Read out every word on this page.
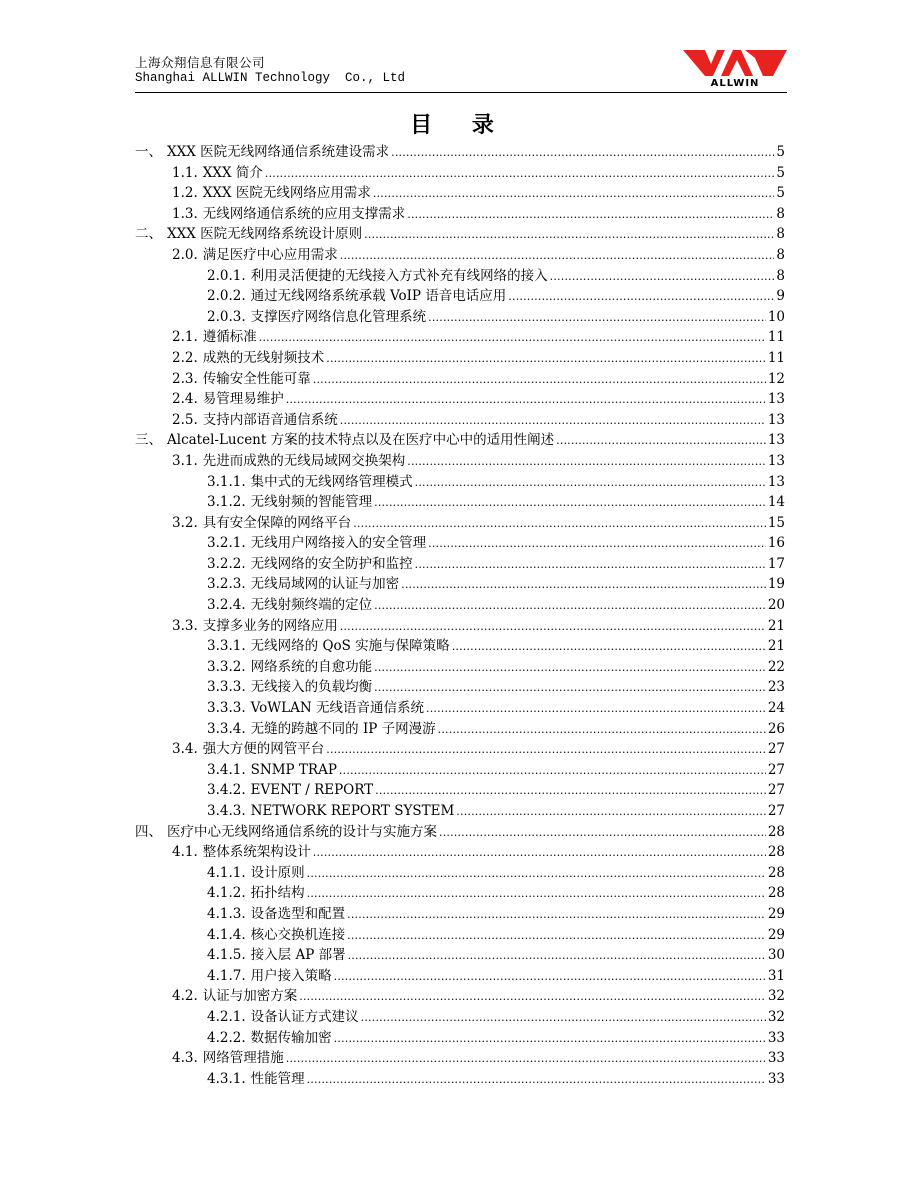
上海众翔信息有限公司
Shanghai ALLWIN Technology  Co., Ltd	ALLWIN
目 录
一、 XXX 医院无线网络通信系统建设需求 .....	5
1.1. XXX 简介 .....	5
1.2. XXX 医院无线网络应用需求 .....	5
1.3. 无线网络通信系统的应用支撑需求 .....	8
二、 XXX 医院无线网络系统设计原则 .....	8
2.0. 满足医疗中心应用需求 .....	8
2.0.1. 利用灵活便捷的无线接入方式补充有线网络的接入 .....	8
2.0.2. 通过无线网络系统承载 VoIP 语音电话应用 .....	9
2.0.3. 支撑医疗网络信息化管理系统 .....	10
2.1. 遵循标准 .....	11
2.2. 成熟的无线射频技术 .....	11
2.3. 传输安全性能可靠 .....	12
2.4. 易管理易维护 .....	13
2.5. 支持内部语音通信系统 .....	13
三、 Alcatel-Lucent 方案的技术特点以及在医疗中心中的适用性阐述 .....	13
3.1. 先进而成熟的无线局域网交换架构 .....	13
3.1.1. 集中式的无线网络管理模式 .....	13
3.1.2. 无线射频的智能管理 .....	14
3.2. 具有安全保障的网络平台 .....	15
3.2.1. 无线用户网络接入的安全管理 .....	16
3.2.2. 无线网络的安全防护和监控 .....	17
3.2.3. 无线局域网的认证与加密 .....	19
3.2.4. 无线射频终端的定位 .....	20
3.3. 支撑多业务的网络应用 .....	21
3.3.1. 无线网络的 QoS 实施与保障策略 .....	21
3.3.2. 网络系统的自愈功能 .....	22
3.3.3. 无线接入的负载均衡 .....	23
3.3.3. VoWLAN 无线语音通信系统 .....	24
3.3.4. 无缝的跨越不同的 IP 子网漫游 .....	26
3.4. 强大方便的网管平台 .....	27
3.4.1. SNMP TRAP .....	27
3.4.2. EVENT / REPORT .....	27
3.4.3. NETWORK REPORT SYSTEM .....	27
四、 医疗中心无线网络通信系统的设计与实施方案 .....	28
4.1. 整体系统架构设计 .....	28
4.1.1. 设计原则 .....	28
4.1.2. 拓扑结构 .....	28
4.1.3. 设备选型和配置 .....	29
4.1.4. 核心交换机连接 .....	29
4.1.5. 接入层 AP 部署 .....	30
4.1.7. 用户接入策略 .....	31
4.2. 认证与加密方案 .....	32
4.2.1. 设备认证方式建议 .....	32
4.2.2. 数据传输加密 .....	33
4.3. 网络管理措施 .....	33
4.3.1. 性能管理 .....	33
